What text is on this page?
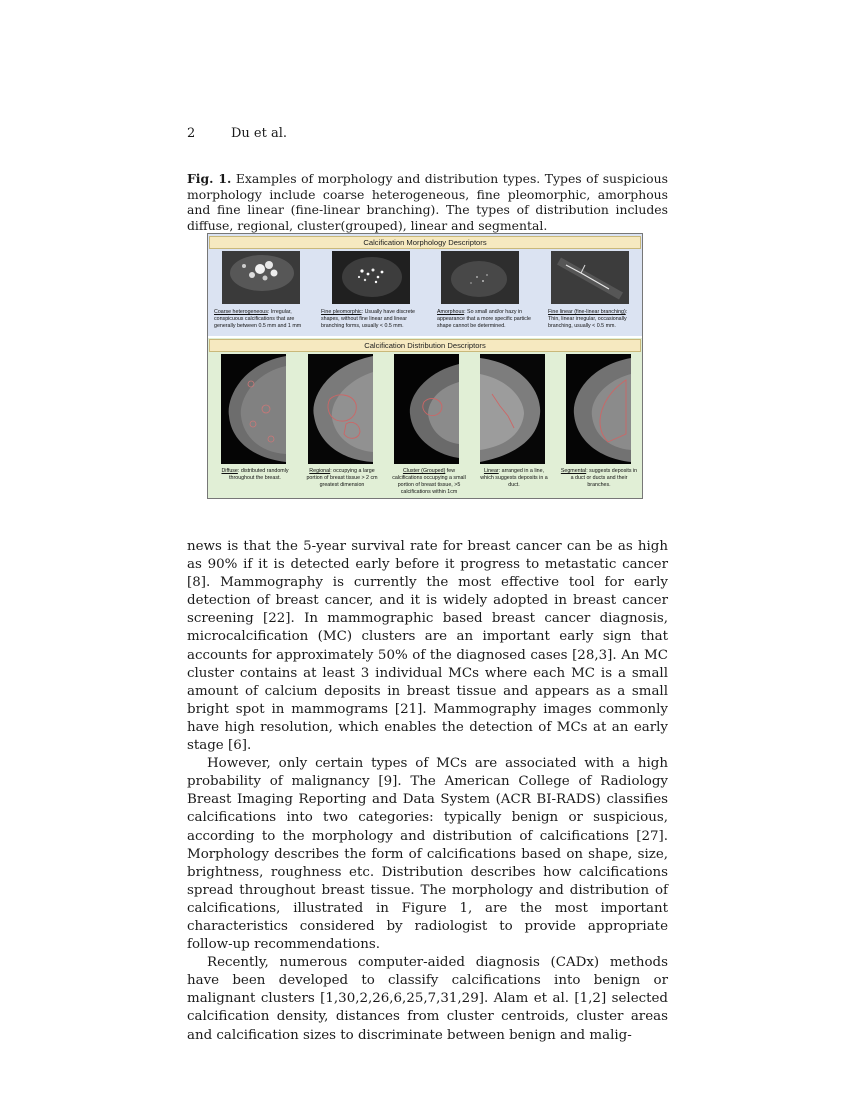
2	Du et al.
Fig. 1. Examples of morphology and distribution types. Types of suspicious morphology include coarse heterogeneous, fine pleomorphic, amorphous and fine linear (fine-linear branching). The types of distribution includes diffuse, regional, cluster(grouped), linear and segmental.
Calcification Morphology Descriptors
Coarse heterogeneous: Irregular, conspicuous calcifications that are generally between 0.5 mm and 1 mm
Fine pleomorphic: Usually have discrete shapes, without fine linear and linear branching forms, usually < 0.5 mm.
Amorphous: So small and/or hazy in appearance that a more specific particle shape cannot be determined.
Fine linear (fine-linear branching): Thin, linear irregular, occasionally branching, usually < 0.5 mm.
Calcification Distribution Descriptors
Diffuse: distributed randomly throughout the breast.
Regional: occupying a large portion of breast tissue > 2 cm greatest dimension
Cluster (Grouped) few calcifications occupying a small portion of breast tissue, >5 calcifications within 1cm
Linear: arranged in a line, which suggests deposits in a duct.
Segmental: suggests deposits in a duct or ducts and their branches.

news is that the 5-year survival rate for breast cancer can be as high as 90% if it is detected early before it progress to metastatic cancer [8]. Mammography is currently the most effective tool for early detection of breast cancer, and it is widely adopted in breast cancer screening [22]. In mammographic based breast cancer diagnosis, microcalcification (MC) clusters are an important early sign that accounts for approximately 50% of the diagnosed cases [28,3]. An MC cluster contains at least 3 individual MCs where each MC is a small amount of calcium deposits in breast tissue and appears as a small bright spot in mammograms [21]. Mammography images commonly have high resolution, which enables the detection of MCs at an early stage [6].

However, only certain types of MCs are associated with a high probability of malignancy [9]. The American College of Radiology Breast Imaging Reporting and Data System (ACR BI-RADS) classifies calcifications into two categories: typically benign or suspicious, according to the morphology and distribution of calcifications [27]. Morphology describes the form of calcifications based on shape, size, brightness, roughness etc. Distribution describes how calcifications spread throughout breast tissue. The morphology and distribution of calcifications, illustrated in Figure 1, are the most important characteristics considered by radiologist to provide appropriate follow-up recommendations.

Recently, numerous computer-aided diagnosis (CADx) methods have been developed to classify calcifications into benign or malignant clusters [1,30,2,26,6,25,7,31,29]. Alam et al. [1,2] selected calcification density, distances from cluster centroids, cluster areas and calcification sizes to discriminate between benign and malig-
